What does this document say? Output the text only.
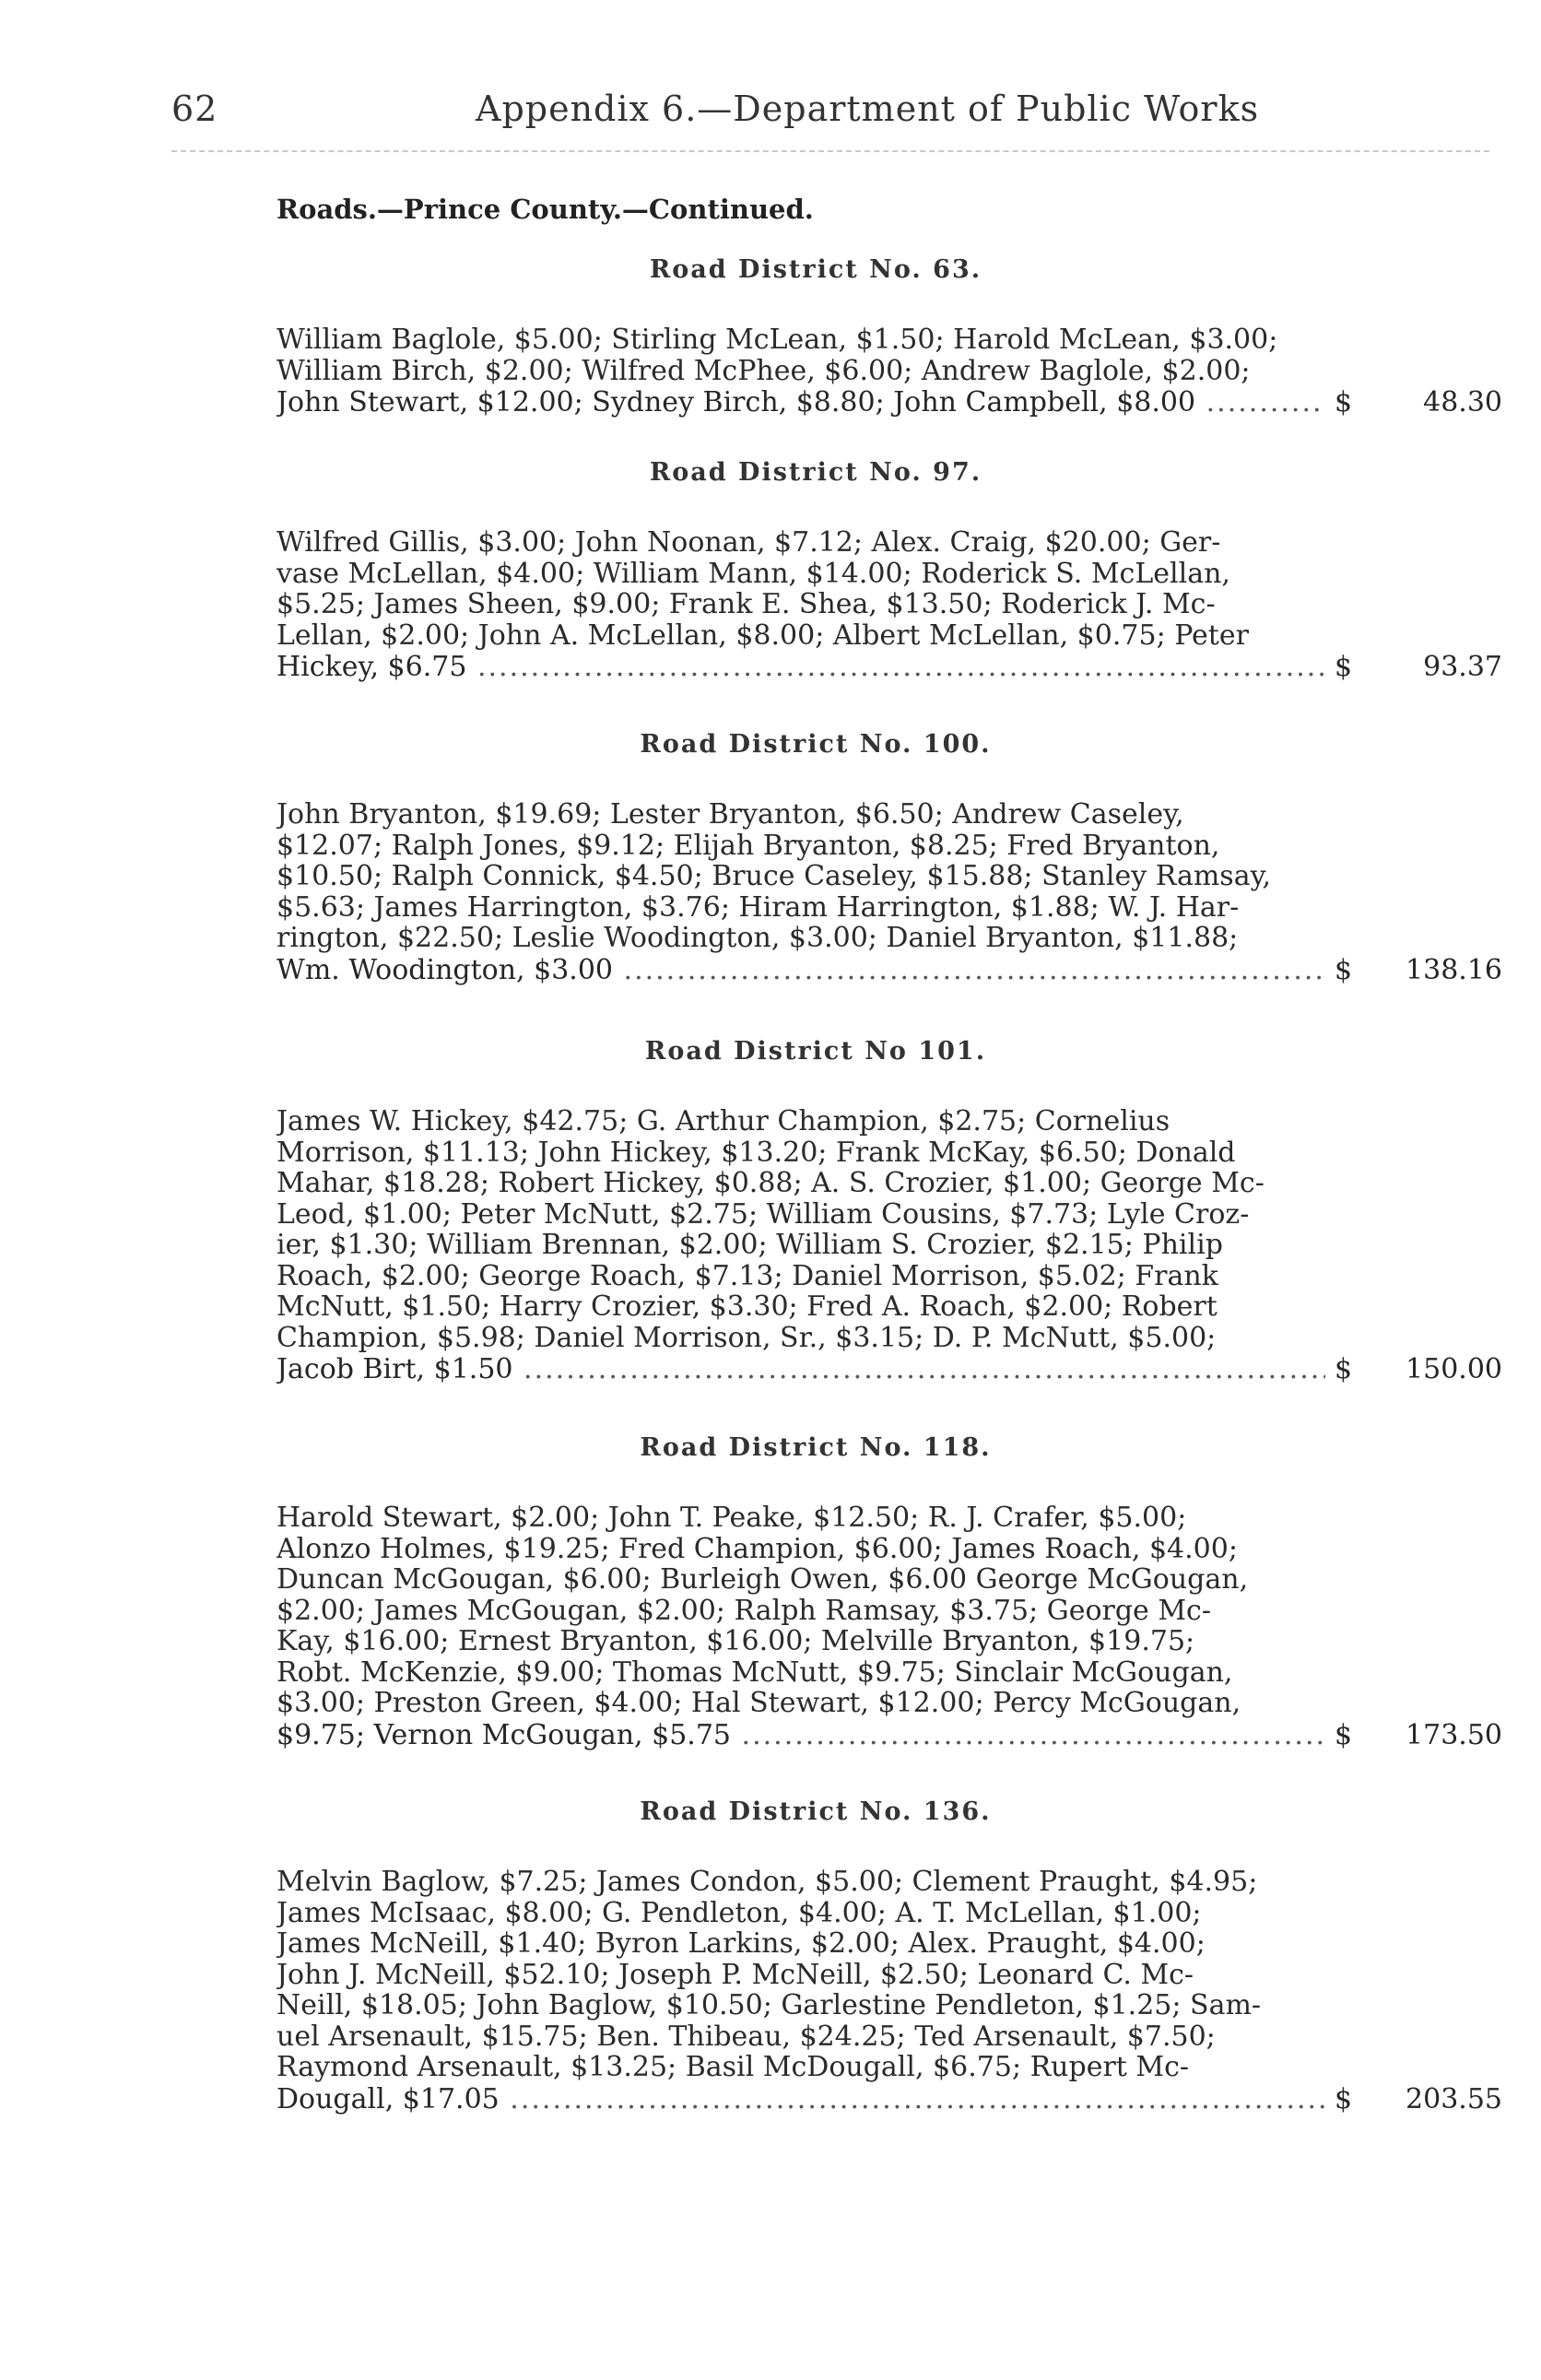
62	Appendix 6.—Department of Public Works
Roads.—Prince County.—Continued.
Road District No. 63.
William Baglole, $5.00; Stirling McLean, $1.50; Harold McLean, $3.00;
William Birch, $2.00; Wilfred McPhee, $6.00; Andrew Baglole, $2.00;
John Stewart, $12.00; Sydney Birch, $8.80; John Campbell, $8.00 .....	$	48.30
Road District No. 97.
Wilfred Gillis, $3.00; John Noonan, $7.12; Alex. Craig, $20.00; Ger-
vase McLellan, $4.00; William Mann, $14.00; Roderick S. McLellan,
$5.25; James Sheen, $9.00; Frank E. Shea, $13.50; Roderick J. Mc-
Lellan, $2.00; John A. McLellan, $8.00; Albert McLellan, $0.75; Peter
Hickey, $6.75 .....	$	93.37
Road District No. 100.
John Bryanton, $19.69; Lester Bryanton, $6.50; Andrew Caseley,
$12.07; Ralph Jones, $9.12; Elijah Bryanton, $8.25; Fred Bryanton,
$10.50; Ralph Connick, $4.50; Bruce Caseley, $15.88; Stanley Ramsay,
$5.63; James Harrington, $3.76; Hiram Harrington, $1.88; W. J. Har-
rington, $22.50; Leslie Woodington, $3.00; Daniel Bryanton, $11.88;
Wm. Woodington, $3.00 .....	$ 138.16
Road District No 101.
James W. Hickey, $42.75; G. Arthur Champion, $2.75; Cornelius
Morrison, $11.13; John Hickey, $13.20; Frank McKay, $6.50; Donald
Mahar, $18.28; Robert Hickey, $0.88; A. S. Crozier, $1.00; George Mc-
Leod, $1.00; Peter McNutt, $2.75; William Cousins, $7.73; Lyle Croz-
ier, $1.30; William Brennan, $2.00; William S. Crozier, $2.15; Philip
Roach, $2.00; George Roach, $7.13; Daniel Morrison, $5.02; Frank
McNutt, $1.50; Harry Crozier, $3.30; Fred A. Roach, $2.00; Robert
Champion, $5.98; Daniel Morrison, Sr., $3.15; D. P. McNutt, $5.00;
Jacob Birt, $1.50 .....	$ 150.00
Road District No. 118.
Harold Stewart, $2.00; John T. Peake, $12.50; R. J. Crafer, $5.00;
Alonzo Holmes, $19.25; Fred Champion, $6.00; James Roach, $4.00;
Duncan McGougan, $6.00; Burleigh Owen, $6.00 George McGougan,
$2.00; James McGougan, $2.00; Ralph Ramsay, $3.75; George Mc-
Kay, $16.00; Ernest Bryanton, $16.00; Melville Bryanton, $19.75;
Robt. McKenzie, $9.00; Thomas McNutt, $9.75; Sinclair McGougan,
$3.00; Preston Green, $4.00; Hal Stewart, $12.00; Percy McGougan,
$9.75; Vernon McGougan, $5.75 .....	$ 173.50
Road District No. 136.
Melvin Baglow, $7.25; James Condon, $5.00; Clement Praught, $4.95;
James McIsaac, $8.00; G. Pendleton, $4.00; A. T. McLellan, $1.00;
James McNeill, $1.40; Byron Larkins, $2.00; Alex. Praught, $4.00;
John J. McNeill, $52.10; Joseph P. McNeill, $2.50; Leonard C. Mc-
Neill, $18.05; John Baglow, $10.50; Garlestine Pendleton, $1.25; Sam-
uel Arsenault, $15.75; Ben. Thibeau, $24.25; Ted Arsenault, $7.50;
Raymond Arsenault, $13.25; Basil McDougall, $6.75; Rupert Mc-
Dougall, $17.05 .....	$ 203.55
